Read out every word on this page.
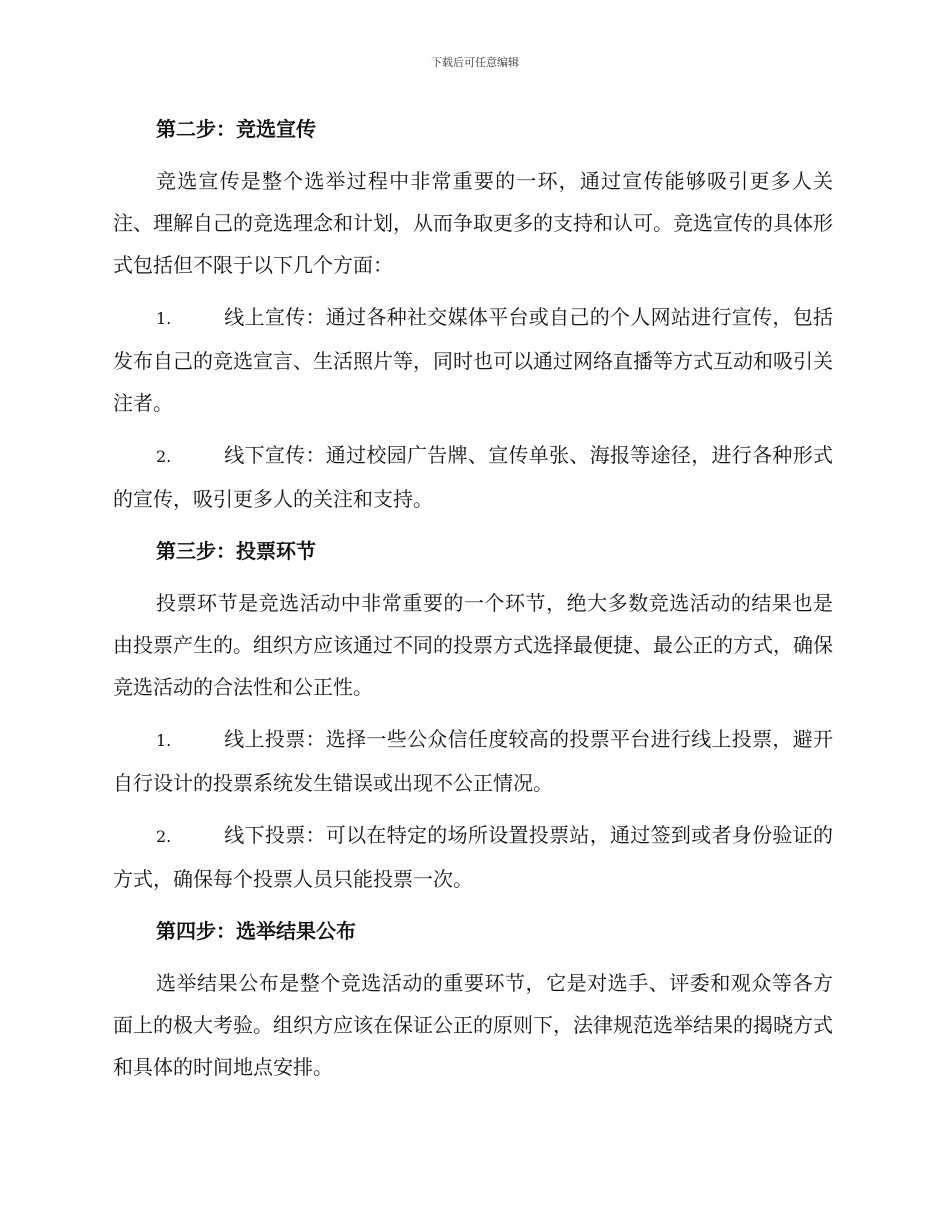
下载后可任意编辑

第二步：竞选宣传

竞选宣传是整个选举过程中非常重要的一环，通过宣传能够吸引更多人关注、理解自己的竞选理念和计划，从而争取更多的支持和认可。竞选宣传的具体形式包括但不限于以下几个方面：

1.	线上宣传：通过各种社交媒体平台或自己的个人网站进行宣传，包括发布自己的竞选宣言、生活照片等，同时也可以通过网络直播等方式互动和吸引关注者。

2.	线下宣传：通过校园广告牌、宣传单张、海报等途径，进行各种形式的宣传，吸引更多人的关注和支持。

第三步：投票环节

投票环节是竞选活动中非常重要的一个环节，绝大多数竞选活动的结果也是由投票产生的。组织方应该通过不同的投票方式选择最便捷、最公正的方式，确保竞选活动的合法性和公正性。

1.	线上投票：选择一些公众信任度较高的投票平台进行线上投票，避开自行设计的投票系统发生错误或出现不公正情况。

2.	线下投票：可以在特定的场所设置投票站，通过签到或者身份验证的方式，确保每个投票人员只能投票一次。

第四步：选举结果公布

选举结果公布是整个竞选活动的重要环节，它是对选手、评委和观众等各方面上的极大考验。组织方应该在保证公正的原则下，法律规范选举结果的揭晓方式和具体的时间地点安排。
